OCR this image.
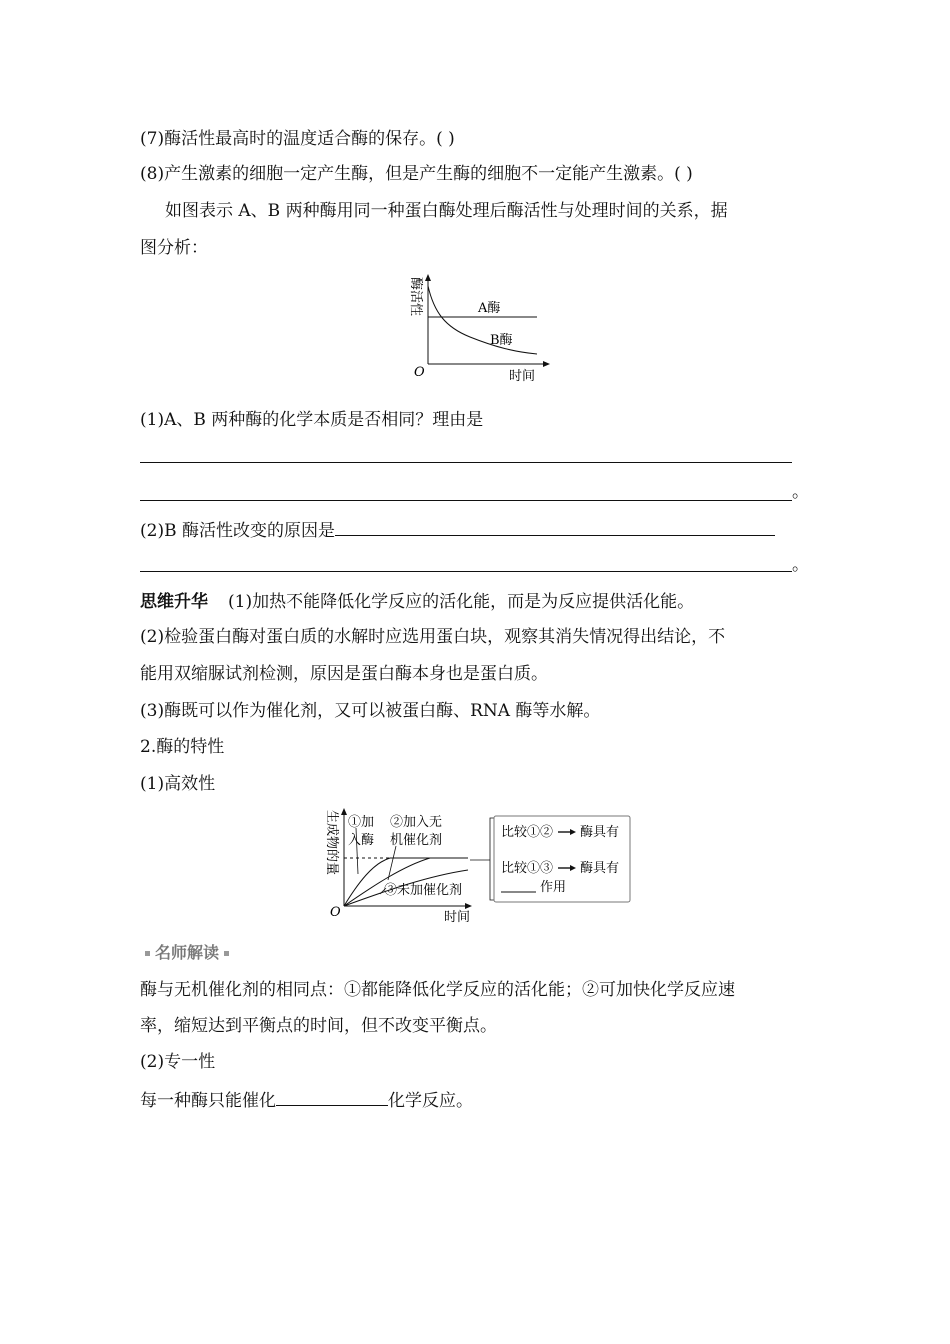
(7)酶活性最高时的温度适合酶的保存。( )
(8)产生激素的细胞一定产生酶，但是产生酶的细胞不一定能产生激素。( )
如图表示 A、B 两种酶用同一种蛋白酶处理后酶活性与处理时间的关系，据
图分析：
A酶
B酶
O	时间
酶活性
(1)A、B 两种酶的化学本质是否相同？理由是
。
(2)B 酶活性改变的原因是
。
思维升华 (1)加热不能降低化学反应的活化能，而是为反应提供活化能。
(2)检验蛋白酶对蛋白质的水解时应选用蛋白块，观察其消失情况得出结论，不
能用双缩脲试剂检测，原因是蛋白酶本身也是蛋白质。
(3)酶既可以作为催化剂，又可以被蛋白酶、RNA 酶等水解。
2.酶的特性
(1)高效性
①加
入酶
②加入无
机催化剂
③未加催化剂
O	时间
生成物的量	比较①② 酶具有
比较①③ 酶具有
作用
名师解读
酶与无机催化剂的相同点：①都能降低化学反应的活化能；②可加快化学反应速
率，缩短达到平衡点的时间，但不改变平衡点。
(2)专一性
每一种酶只能催化	化学反应。
